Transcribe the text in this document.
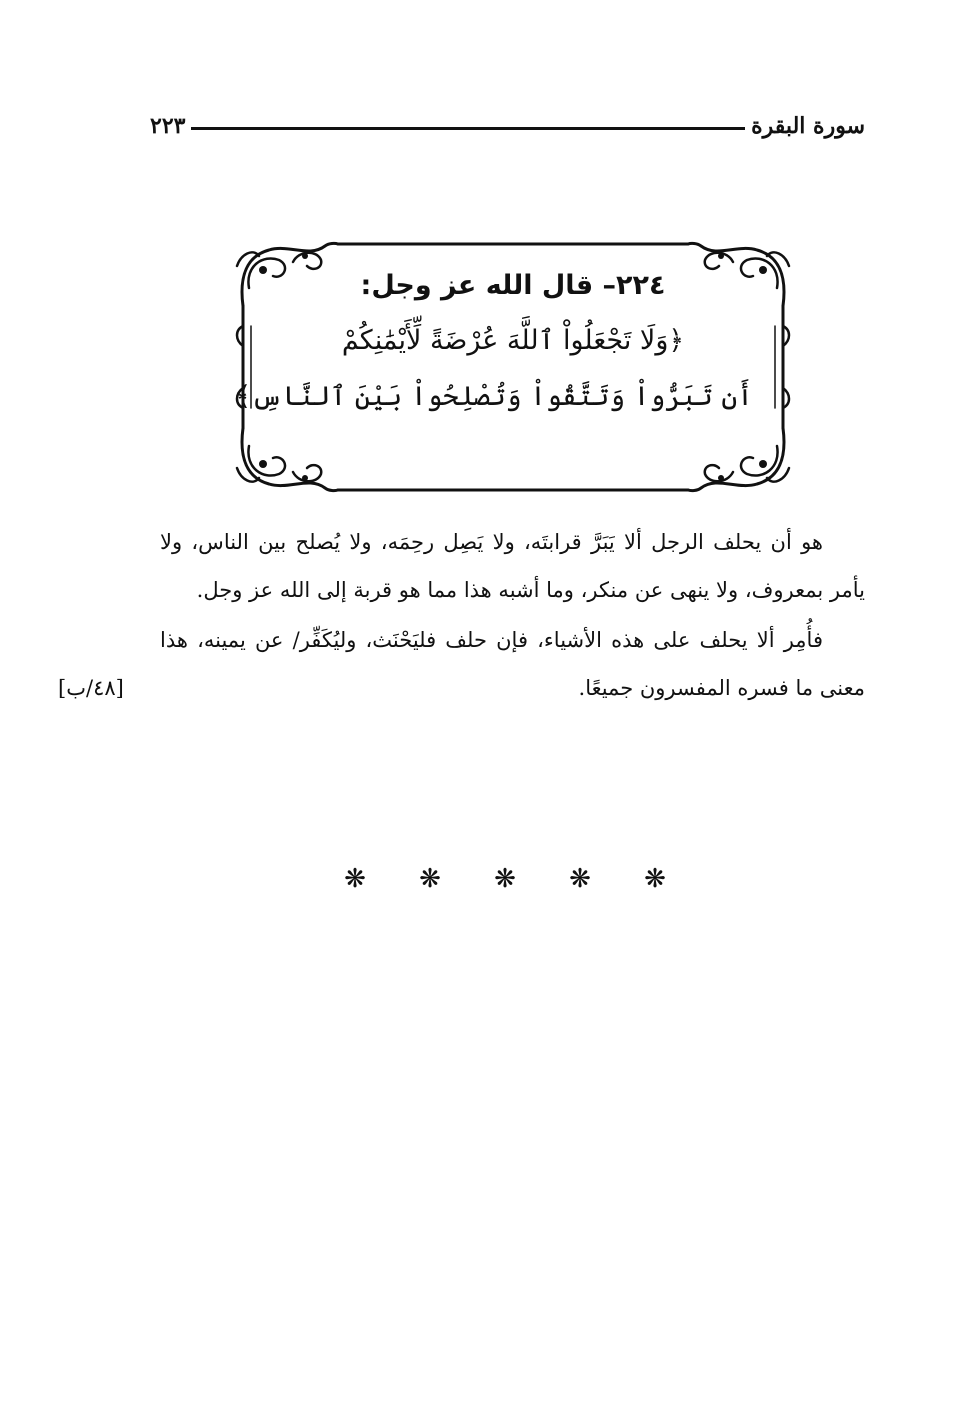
سورة البقرة
٢٢٣
٢٢٤– قال الله عز وجل:
﴿وَلَا تَجْعَلُواْ ٱللَّهَ عُرْضَةً لِّأَيْمَٰنِكُمْ
أَن تَبَرُّواْ وَتَتَّقُواْ وَتُصْلِحُواْ بَيْنَ ٱلنَّاسِ﴾

هو أن يحلف الرجل ألا يَبَرَّ قرابتَه، ولا يَصِل رحِمَه، ولا يُصلح بين الناس، ولا يأمر بمعروف، ولا ينهى عن منكر، وما أشبه هذا مما هو قربة إلى الله عز وجل.

فأُمِر ألا يحلف على هذه الأشياء، فإن حلف فليَحْنَث، وليُكَفِّر/ عن يمينه، هذا معنى ما فسره المفسرون جميعًا.

[٤٨/ب]
❋ ❋ ❋ ❋ ❋
